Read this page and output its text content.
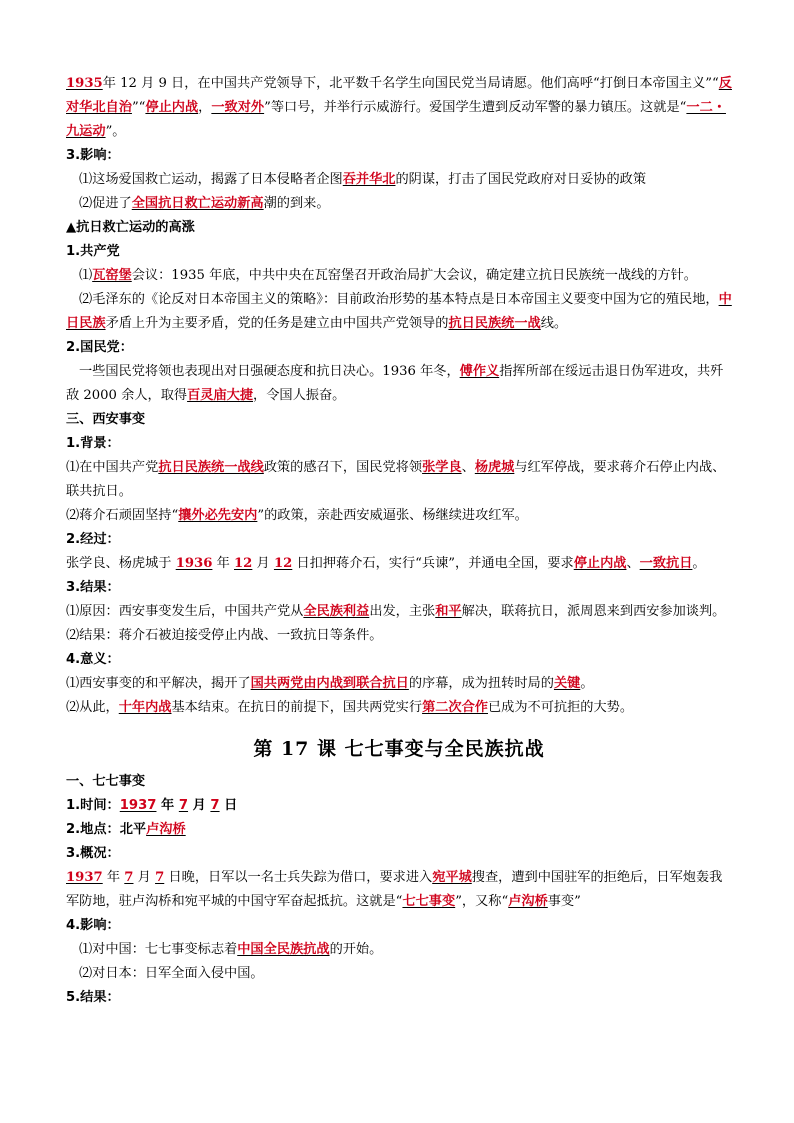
1935年 12 月 9 日，在中国共产党领导下，北平数千名学生向国民党当局请愿。他们高呼“打倒日本帝国主义”“反对华北自治”“停止内战，一致对外”等口号，并举行示威游行。爱国学生遭到反动军警的暴力镇压。这就是“一二・九运动”。

3.影响：

⑴这场爱国救亡运动，揭露了日本侵略者企图吞并华北的阴谋，打击了国民党政府对日妥协的政策

⑵促进了全国抗日救亡运动新高潮的到来。

▲抗日救亡运动的高涨

1.共产党

⑴瓦窑堡会议：1935 年底，中共中央在瓦窑堡召开政治局扩大会议，确定建立抗日民族统一战线的方针。

⑵毛泽东的《论反对日本帝国主义的策略》：目前政治形势的基本特点是日本帝国主义要变中国为它的殖民地，中日民族矛盾上升为主要矛盾，党的任务是建立由中国共产党领导的抗日民族统一战线。

2.国民党：

一些国民党将领也表现出对日强硬态度和抗日决心。1936 年冬，傅作义指挥所部在绥远击退日伪军进攻，共歼敌 2000 余人，取得百灵庙大捷，令国人振奋。

三、西安事变

1.背景：

⑴在中国共产党抗日民族统一战线政策的感召下，国民党将领张学良、杨虎城与红军停战，要求蒋介石停止内战、联共抗日。

⑵蒋介石顽固坚持“攘外必先安内”的政策，亲赴西安威逼张、杨继续进攻红军。

2.经过：

张学良、杨虎城于 1936 年 12 月 12 日扣押蒋介石，实行“兵谏”，并通电全国，要求停止内战、一致抗日。

3.结果：

⑴原因：西安事变发生后，中国共产党从全民族利益出发，主张和平解决，联蒋抗日，派周恩来到西安参加谈判。

⑵结果：蒋介石被迫接受停止内战、一致抗日等条件。

4.意义：

⑴西安事变的和平解决，揭开了国共两党由内战到联合抗日的序幕，成为扭转时局的关键。

⑵从此，十年内战基本结束。在抗日的前提下，国共两党实行第二次合作已成为不可抗拒的大势。

第 17 课 七七事变与全民族抗战

一、七七事变

1.时间：1937 年 7 月 7 日

2.地点：北平卢沟桥

3.概况：

1937 年 7 月 7 日晚，日军以一名士兵失踪为借口，要求进入宛平城搜查，遭到中国驻军的拒绝后，日军炮轰我军防地，驻卢沟桥和宛平城的中国守军奋起抵抗。这就是“七七事变”，又称“卢沟桥事变”

4.影响：

⑴对中国：七七事变标志着中国全民族抗战的开始。

⑵对日本：日军全面入侵中国。

5.结果：
